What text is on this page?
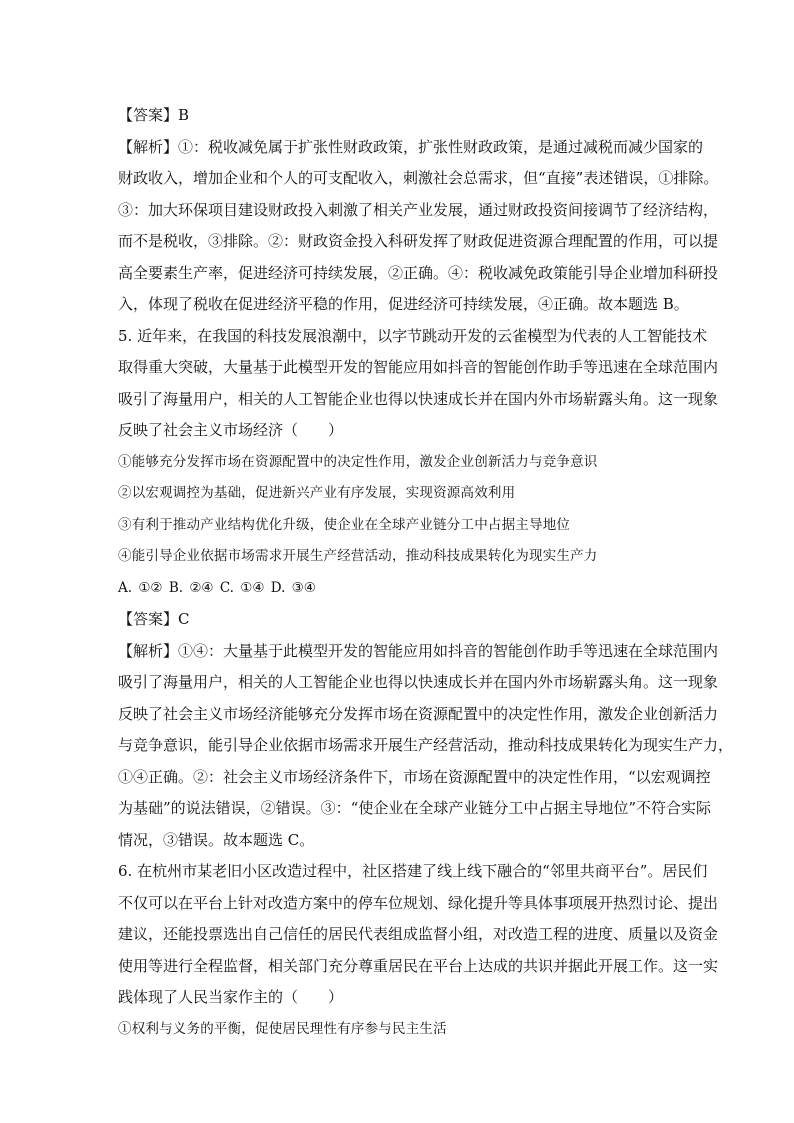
【答案】B
【解析】①：税收减免属于扩张性财政政策，扩张性财政政策，是通过减税而减少国家的
财政收入，增加企业和个人的可支配收入，刺激社会总需求，但“直接”表述错误，①排除。
③：加大环保项目建设财政投入刺激了相关产业发展，通过财政投资间接调节了经济结构，
而不是税收，③排除。②：财政资金投入科研发挥了财政促进资源合理配置的作用，可以提
高全要素生产率，促进经济可持续发展，②正确。④：税收减免政策能引导企业增加科研投
入，体现了税收在促进经济平稳的作用，促进经济可持续发展，④正确。故本题选 B。
5. 近年来，在我国的科技发展浪潮中，以字节跳动开发的云雀模型为代表的人工智能技术
取得重大突破，大量基于此模型开发的智能应用如抖音的智能创作助手等迅速在全球范围内
吸引了海量用户，相关的人工智能企业也得以快速成长并在国内外市场崭露头角。这一现象
反映了社会主义市场经济（　　）
①能够充分发挥市场在资源配置中的决定性作用，激发企业创新活力与竞争意识
②以宏观调控为基础，促进新兴产业有序发展，实现资源高效利用
③有利于推动产业结构优化升级，使企业在全球产业链分工中占据主导地位
④能引导企业依据市场需求开展生产经营活动，推动科技成果转化为现实生产力
A. ①② B. ②④ C. ①④ D. ③④
【答案】C
【解析】①④：大量基于此模型开发的智能应用如抖音的智能创作助手等迅速在全球范围内
吸引了海量用户，相关的人工智能企业也得以快速成长并在国内外市场崭露头角。这一现象
反映了社会主义市场经济能够充分发挥市场在资源配置中的决定性作用，激发企业创新活力
与竞争意识，能引导企业依据市场需求开展生产经营活动，推动科技成果转化为现实生产力，
①④正确。②：社会主义市场经济条件下，市场在资源配置中的决定性作用，“以宏观调控
为基础”的说法错误，②错误。③：“使企业在全球产业链分工中占据主导地位”不符合实际
情况，③错误。故本题选 C。
6. 在杭州市某老旧小区改造过程中，社区搭建了线上线下融合的“邻里共商平台”。居民们
不仅可以在平台上针对改造方案中的停车位规划、绿化提升等具体事项展开热烈讨论、提出
建议，还能投票选出自己信任的居民代表组成监督小组，对改造工程的进度、质量以及资金
使用等进行全程监督，相关部门充分尊重居民在平台上达成的共识并据此开展工作。这一实
践体现了人民当家作主的（　　）
①权利与义务的平衡，促使居民理性有序参与民主生活
